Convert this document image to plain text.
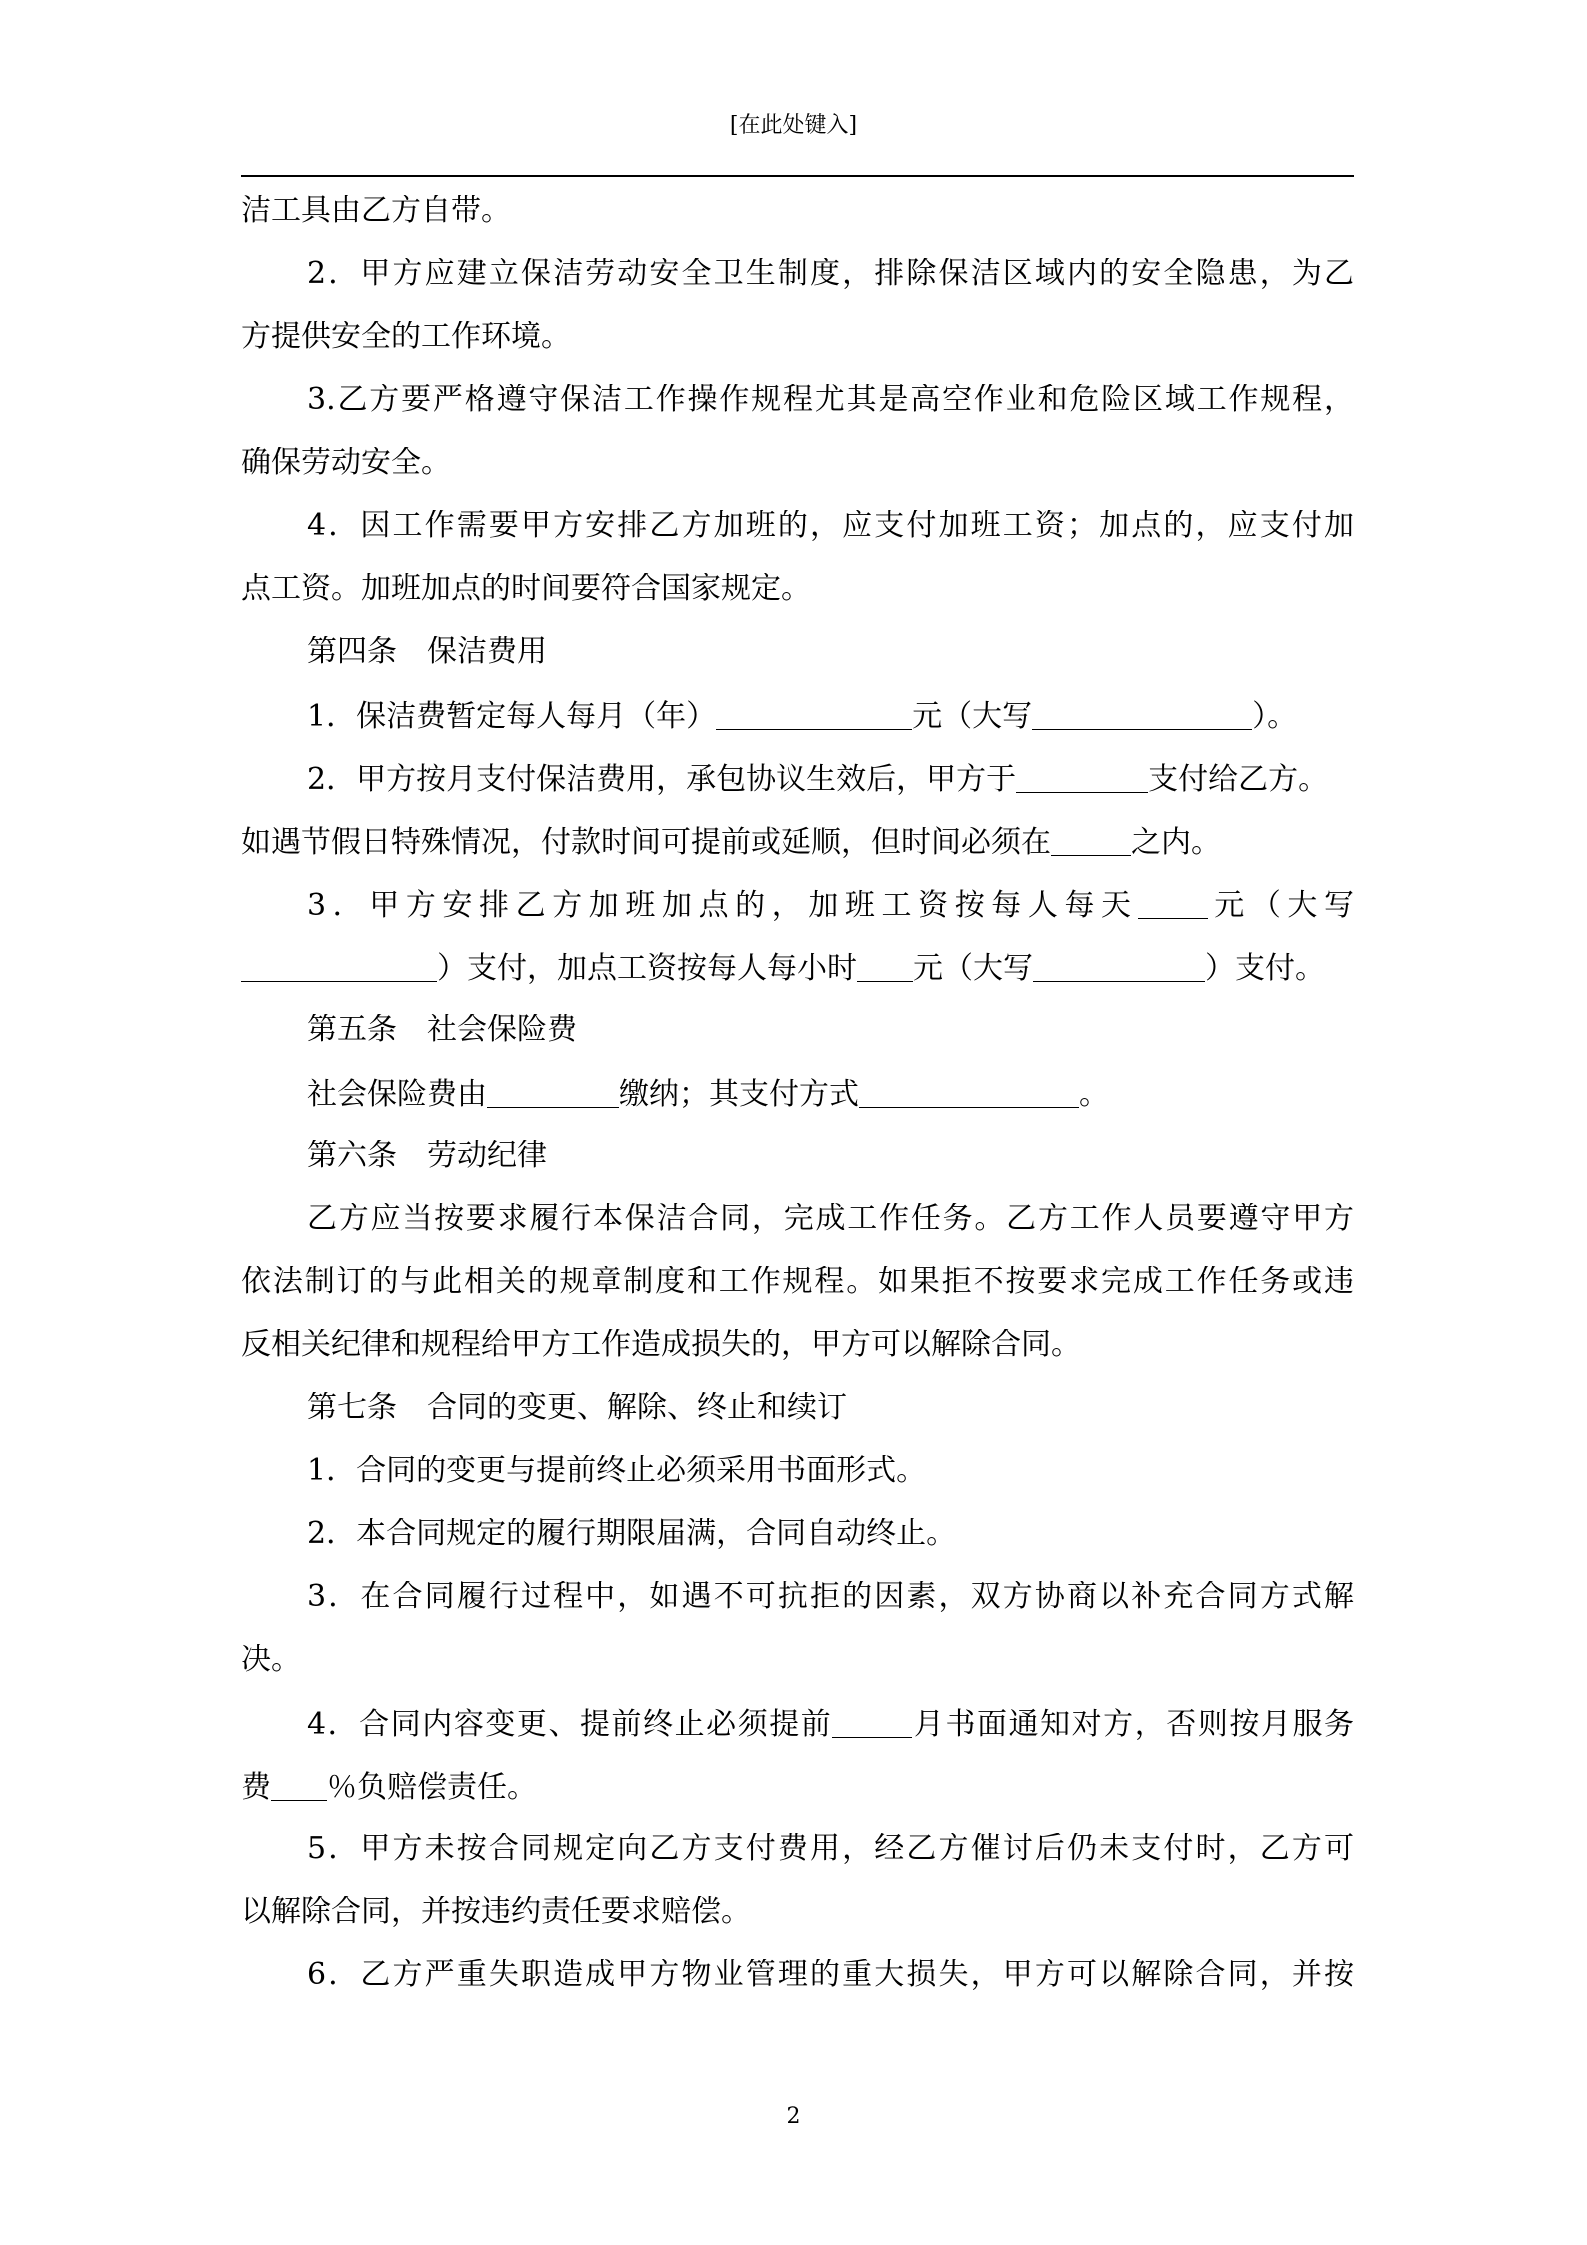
[在此处键入]
洁工具由乙方自带。
2．甲方应建立保洁劳动安全卫生制度，排除保洁区域内的安全隐患，为乙
方提供安全的工作环境。
3.乙方要严格遵守保洁工作操作规程尤其是高空作业和危险区域工作规程，
确保劳动安全。
4．因工作需要甲方安排乙方加班的，应支付加班工资；加点的，应支付加
点工资。加班加点的时间要符合国家规定。
第四条 保洁费用
1．保洁费暂定每人每月（年）	元（大写	）。
2．甲方按月支付保洁费用，承包协议生效后，甲方于	支付给乙方。
如遇节假日特殊情况，付款时间可提前或延顺，但时间必须在	之内。
3．甲方安排乙方加班加点的，加班工资按每人每天 元（大写
）支付，加点工资按每人每小时 元（大写	）支付。
第五条 社会保险费
社会保险费由	缴纳；其支付方式	。
第六条 劳动纪律
乙方应当按要求履行本保洁合同，完成工作任务。乙方工作人员要遵守甲方
依法制订的与此相关的规章制度和工作规程。如果拒不按要求完成工作任务或违
反相关纪律和规程给甲方工作造成损失的，甲方可以解除合同。
第七条 合同的变更、解除、终止和续订
1．合同的变更与提前终止必须采用书面形式。
2．本合同规定的履行期限届满，合同自动终止。
3．在合同履行过程中，如遇不可抗拒的因素，双方协商以补充合同方式解
决。
4．合同内容变更、提前终止必须提前	月书面通知对方，否则按月服务
费 ％负赔偿责任。
5．甲方未按合同规定向乙方支付费用，经乙方催讨后仍未支付时，乙方可
以解除合同，并按违约责任要求赔偿。
6．乙方严重失职造成甲方物业管理的重大损失，甲方可以解除合同，并按
2
